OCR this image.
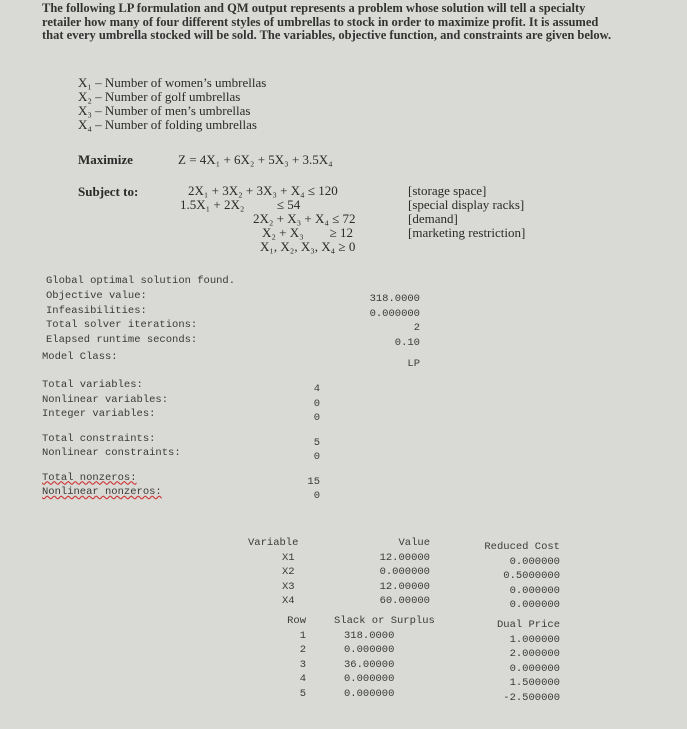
The following LP formulation and QM output represents a problem whose solution will tell a specialty retailer how many of four different styles of umbrellas to stock in order to maximize profit. It is assumed that every umbrella stocked will be sold. The variables, objective function, and constraints are given below.
X₁ – Number of women’s umbrellas
X₂ – Number of golf umbrellas
X₃ – Number of men’s umbrellas
X₄ – Number of folding umbrellas
Maximize	Z = 4X₁ + 6X₂ + 5X₃ + 3.5X₄
Subject to:	2X₁ + 3X₂ + 3X₃ + X₄ ≤ 120
1.5X₁ + 2X₂          ≤ 54
2X₂ + X₃ + X₄ ≤ 72
X₂ + X₃        ≥ 12
X₁, X₂, X₃, X₄ ≥ 0
[storage space]
[special display racks]
[demand]
[marketing restriction]
Global optimal solution found.
Objective value:
Infeasibilities:
Total solver iterations:
Elapsed runtime seconds:
318.0000
0.000000
2
0.10
Model Class:
LP
Total variables:
Nonlinear variables:
Integer variables:
Total constraints:
Nonlinear constraints:
Total nonzeros:
Nonlinear nonzeros:
4
0
0
5
0
15
0
Variable
X1
X2
X3
X4
Value
12.00000
0.000000
12.00000
60.00000
Reduced Cost
0.000000
0.5000000
0.000000
0.000000
Row
1
2
3
4
5
Slack or Surplus
318.0000
0.000000
36.00000
0.000000
0.000000
Dual Price
1.000000
2.000000
0.000000
1.500000
-2.500000
